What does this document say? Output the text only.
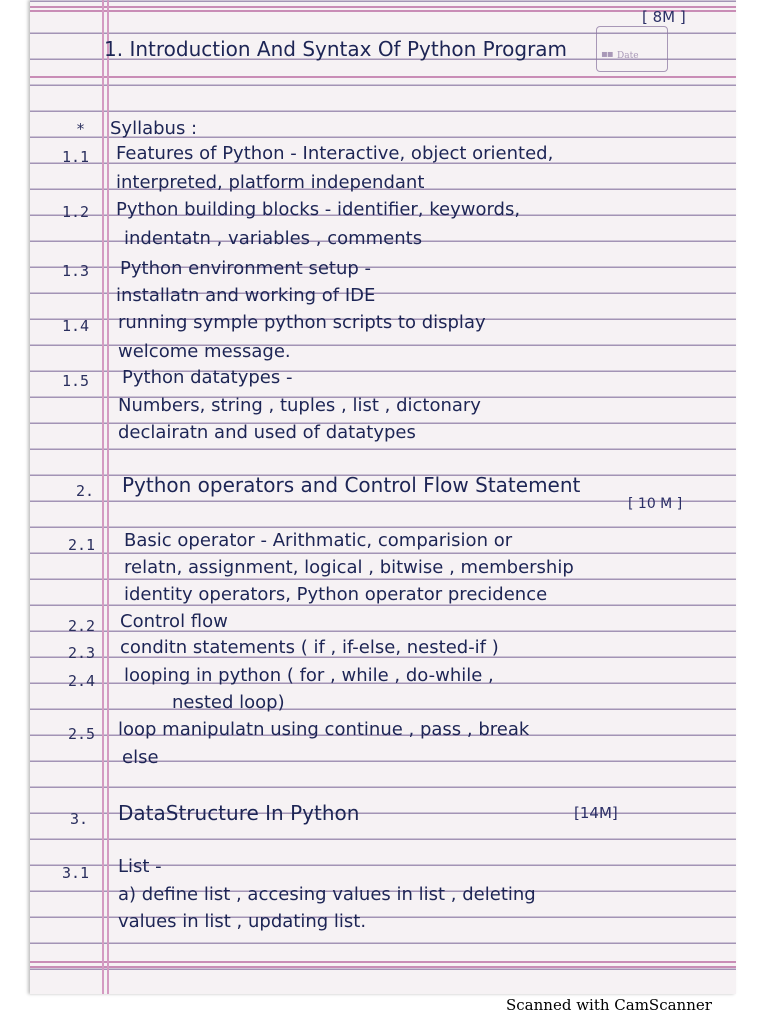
▪▪ Date
[ 8M ]
1. Introduction And Syntax Of Python Program
* Syllabus :
1.1 Features of Python - Interactive, object oriented,
interpreted, platform independant
1.2 Python building blocks - identifier, keywords,
indentatn , variables , comments
1.3 Python environment setup -
installatn and working of IDE
1.4 running symple python scripts to display
welcome message.
1.5 Python datatypes -
Numbers, string , tuples , list , dictonary
declairatn and used of datatypes
2. Python operators and Control Flow Statement
[ 10 M ]
2.1 Basic operator - Arithmatic, comparision or
relatn, assignment, logical , bitwise , membership
identity operators, Python operator precidence
2.2 Control flow
2.3 conditn statements ( if , if-else, nested-if )
2.4 looping in python ( for , while , do-while ,
nested loop)
2.5 loop manipulatn using continue , pass , break
else
3. DataStructure In Python	[14M]
3.1 List -
a) define list , accesing values in list , deleting
values in list , updating list.
Scanned with CamScanner
